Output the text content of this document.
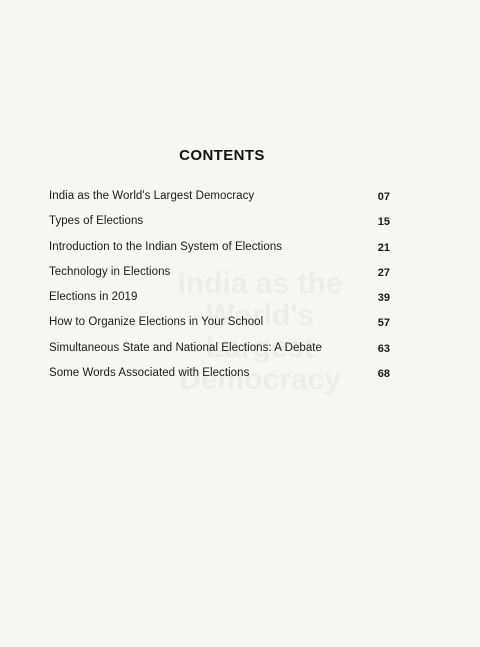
CONTENTS
India as the World's Largest Democracy	07
Types of Elections	15
Introduction to the Indian System of Elections	21
Technology in Elections	27
Elections in 2019	39
How to Organize Elections in Your School	57
Simultaneous State and National Elections: A Debate	63
Some Words Associated with Elections	68
